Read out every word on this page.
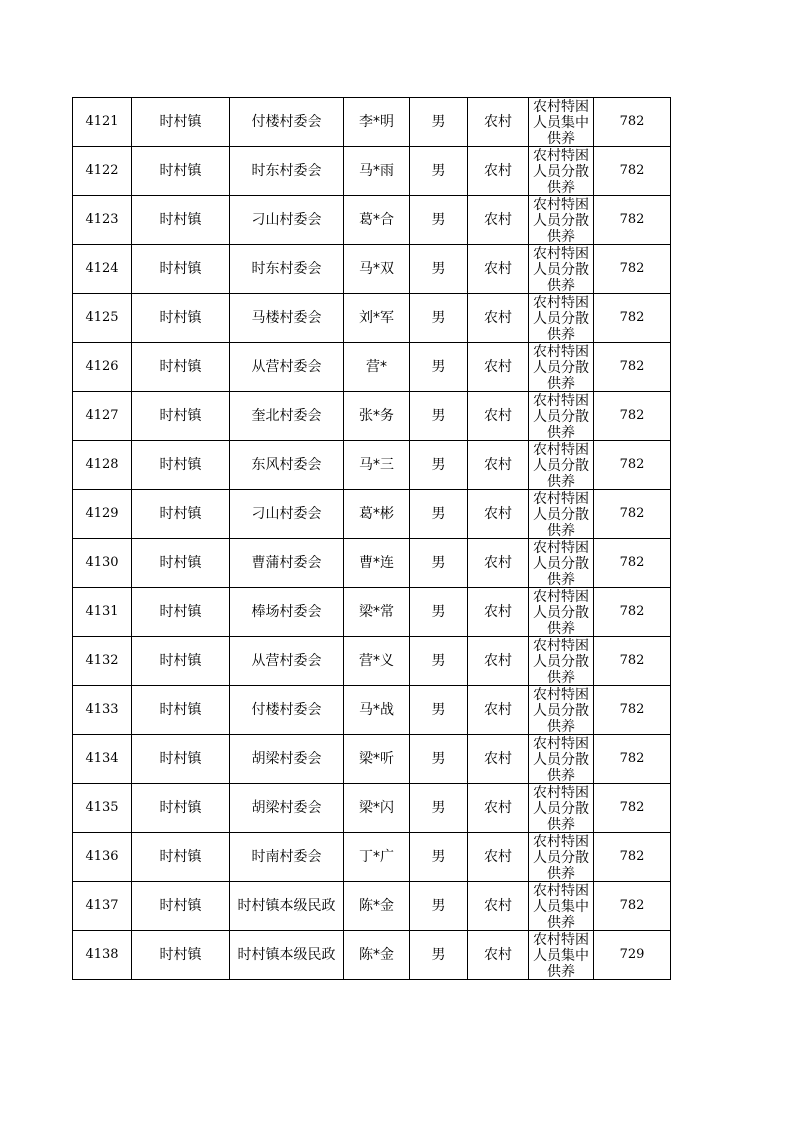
4121	时村镇	付楼村委会	李*明	男	农村	农村特困人员集中供养	782
4122	时村镇	时东村委会	马*雨	男	农村	农村特困人员分散供养	782
4123	时村镇	刁山村委会	葛*合	男	农村	农村特困人员分散供养	782
4124	时村镇	时东村委会	马*双	男	农村	农村特困人员分散供养	782
4125	时村镇	马楼村委会	刘*军	男	农村	农村特困人员分散供养	782
4126	时村镇	从营村委会	营*	男	农村	农村特困人员分散供养	782
4127	时村镇	奎北村委会	张*务	男	农村	农村特困人员分散供养	782
4128	时村镇	东风村委会	马*三	男	农村	农村特困人员分散供养	782
4129	时村镇	刁山村委会	葛*彬	男	农村	农村特困人员分散供养	782
4130	时村镇	曹蒲村委会	曹*连	男	农村	农村特困人员分散供养	782
4131	时村镇	棒场村委会	梁*常	男	农村	农村特困人员分散供养	782
4132	时村镇	从营村委会	营*义	男	农村	农村特困人员分散供养	782
4133	时村镇	付楼村委会	马*战	男	农村	农村特困人员分散供养	782
4134	时村镇	胡梁村委会	梁*听	男	农村	农村特困人员分散供养	782
4135	时村镇	胡梁村委会	梁*闪	男	农村	农村特困人员分散供养	782
4136	时村镇	时南村委会	丁*广	男	农村	农村特困人员分散供养	782
4137	时村镇	时村镇本级民政	陈*金	男	农村	农村特困人员集中供养	782
4138	时村镇	时村镇本级民政	陈*金	男	农村	农村特困人员集中供养	729
